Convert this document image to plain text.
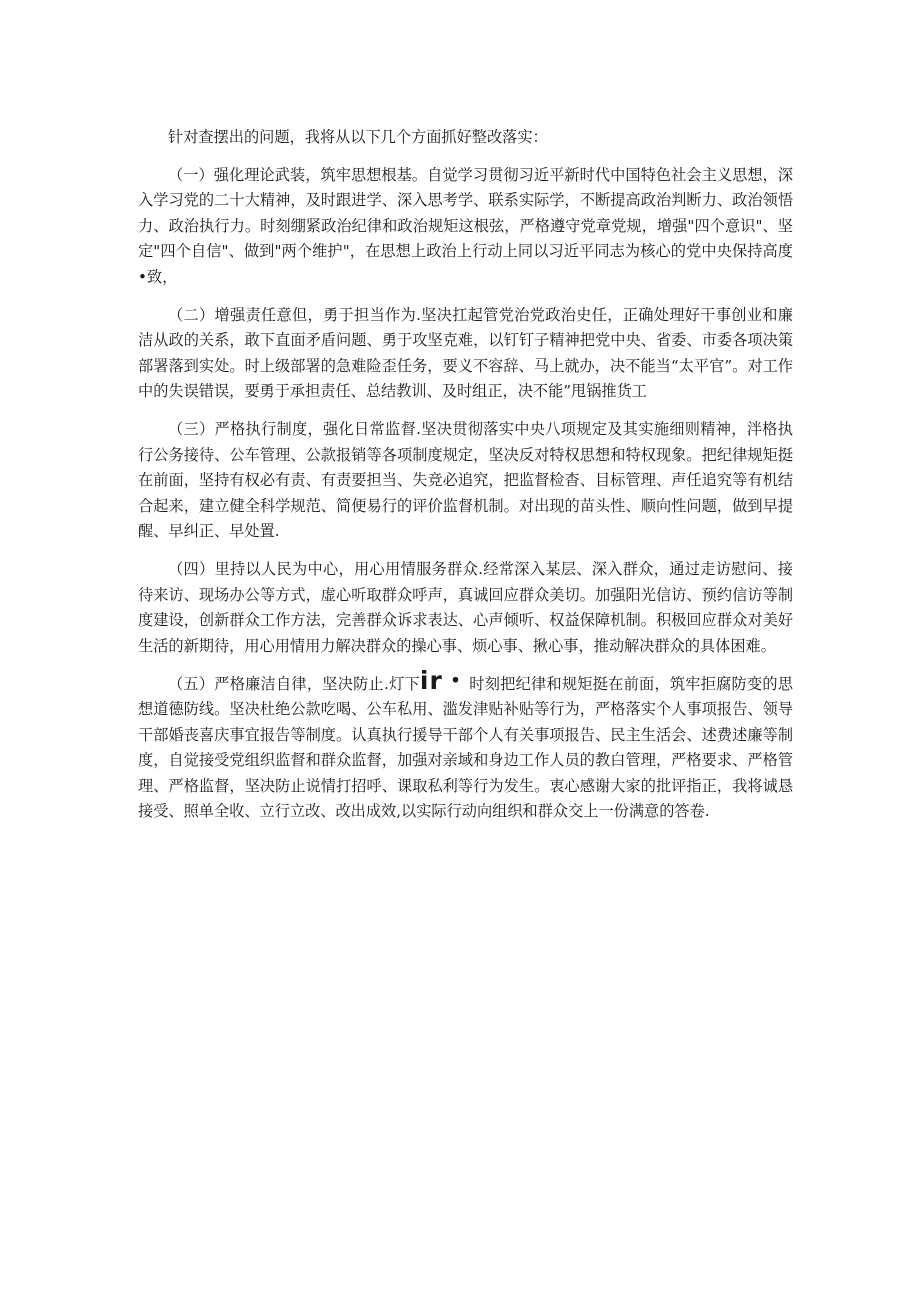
针对查摆出的问题，我将从以下几个方面抓好整改落实：

（一）强化理论武装，筑牢思想根基。自觉学习贯彻习近平新时代中国特色社会主义思想，深入学习党的二十大精神，及时跟进学、深入思考学、联系实际学，不断提高政治判断力、政治领悟力、政治执行力。时刻绷紧政治纪律和政治规矩这根弦，严格遵守党章党规，增强"四个意识"、坚定"四个自信"、做到"两个维护"，在思想上政治上行动上同以习近平同志为核心的党中央保持高度•致，

（二）增强责任意但，勇于担当作为.坚决扛起管党治党政治史任，正确处理好干事创业和廉洁从政的关系，敢下直面矛盾问题、勇于攻坚克难，以钉钉子精神把党中央、省委、市委各项决策部署落到实处。时上级部署的急难险歪任务，要义不容辞、马上就办，决不能当“太平官”。对工作中的失误错误，要勇于承担责任、总结教训、及时组正，决不能”甩锅推货工

（三）严格执行制度，强化日常监督.坚决贯彻落实中央八项规定及其实施细则精神，泮格执行公务接待、公车管理、公款报销等各项制度规定，坚决反对特权思想和特权现象。把纪律规矩挺在前面，坚持有权必有责、有责要担当、失竞必追究，把监督检杳、目标管理、声任追究等有机结合起来，建立健全科学规范、简便易行的评价监督机制。对出现的苗头性、顺向性问题，做到早提醒、早纠正、早处置.

（四）里持以人民为中心，用心用情服务群众.经常深入某层、深入群众，通过走访慰问、接待来访、现场办公等方式，虚心听取群众呼声，真诚回应群众美切。加强阳光信访、预约信访等制度建设，创新群众工作方法，完善群众诉求表达、心声倾听、权益保障机制。积极回应群众对美好生活的新期待，用心用情用力解决群众的操心事、烦心事、揪心事，推动解决群众的具体困难。

（五）严格廉洁自律，坚决防止.灯下ir・时刻把纪律和规矩挺在前面，筑牢拒腐防变的思想道德防线。坚决杜绝公款吃喝、公车私用、滥发津贴补贴等行为，严格落实个人事项报告、领导干部婚丧喜庆事宜报告等制度。认真执行援导干部个人有关事项报告、民主生活会、述费述廉等制度，自觉接受党组织监督和群众监督，加强对亲域和身边工作人员的教白管理，严格要求、严格管理、严格监督，坚决防止说情打招呼、课取私利等行为发生。衷心感谢大家的批评指正，我将诚恳接受、照单全收、立行立改、改出成效,以实际行动向组织和群众交上一份满意的答卷.
